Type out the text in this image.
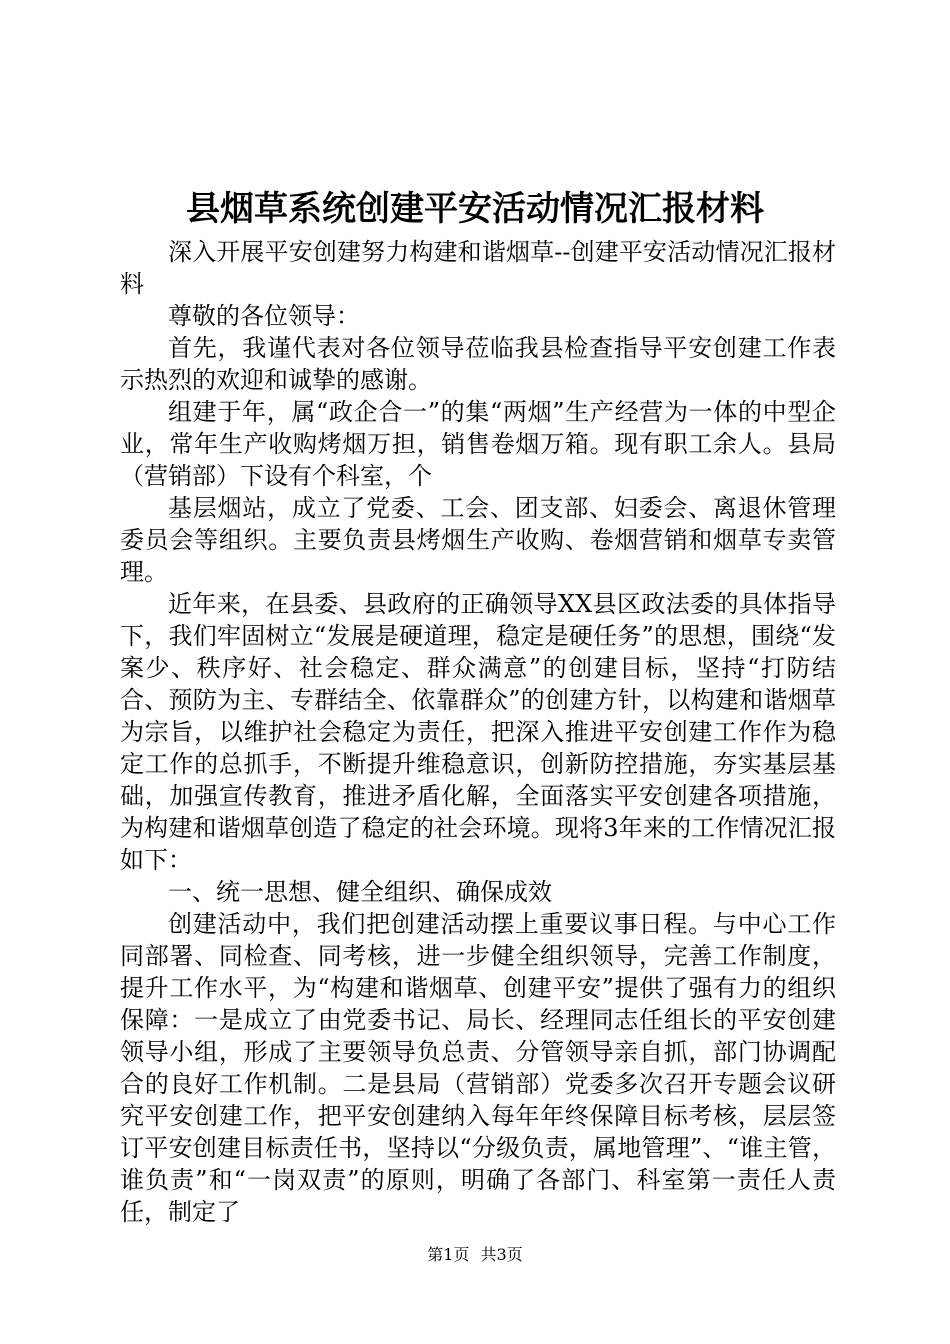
县烟草系统创建平安活动情况汇报材料

深入开展平安创建努力构建和谐烟草--创建平安活动情况汇报材料

尊敬的各位领导：

首先，我谨代表对各位领导莅临我县检查指导平安创建工作表示热烈的欢迎和诚挚的感谢。

组建于年，属“政企合一”的集“两烟”生产经营为一体的中型企业，常年生产收购烤烟万担，销售卷烟万箱。现有职工余人。县局（营销部）下设有个科室，个

基层烟站，成立了党委、工会、团支部、妇委会、离退休管理委员会等组织。主要负责县烤烟生产收购、卷烟营销和烟草专卖管理。

近年来，在县委、县政府的正确领导XX县区政法委的具体指导下，我们牢固树立“发展是硬道理，稳定是硬任务”的思想，围绕“发案少、秩序好、社会稳定、群众满意”的创建目标，坚持“打防结合、预防为主、专群结全、依靠群众”的创建方针，以构建和谐烟草为宗旨，以维护社会稳定为责任，把深入推进平安创建工作作为稳定工作的总抓手，不断提升维稳意识，创新防控措施，夯实基层基础，加强宣传教育，推进矛盾化解，全面落实平安创建各项措施，为构建和谐烟草创造了稳定的社会环境。现将3年来的工作情况汇报如下：

一、统一思想、健全组织、确保成效

创建活动中，我们把创建活动摆上重要议事日程。与中心工作同部署、同检查、同考核，进一步健全组织领导，完善工作制度，提升工作水平，为“构建和谐烟草、创建平安”提供了强有力的组织保障：一是成立了由党委书记、局长、经理同志任组长的平安创建领导小组，形成了主要领导负总责、分管领导亲自抓，部门协调配合的良好工作机制。二是县局（营销部）党委多次召开专题会议研究平安创建工作，把平安创建纳入每年年终保障目标考核，层层签订平安创建目标责任书，坚持以“分级负责，属地管理”、“谁主管，谁负责”和“一岗双责”的原则，明确了各部门、科室第一责任人责任，制定了

第1页 共3页
